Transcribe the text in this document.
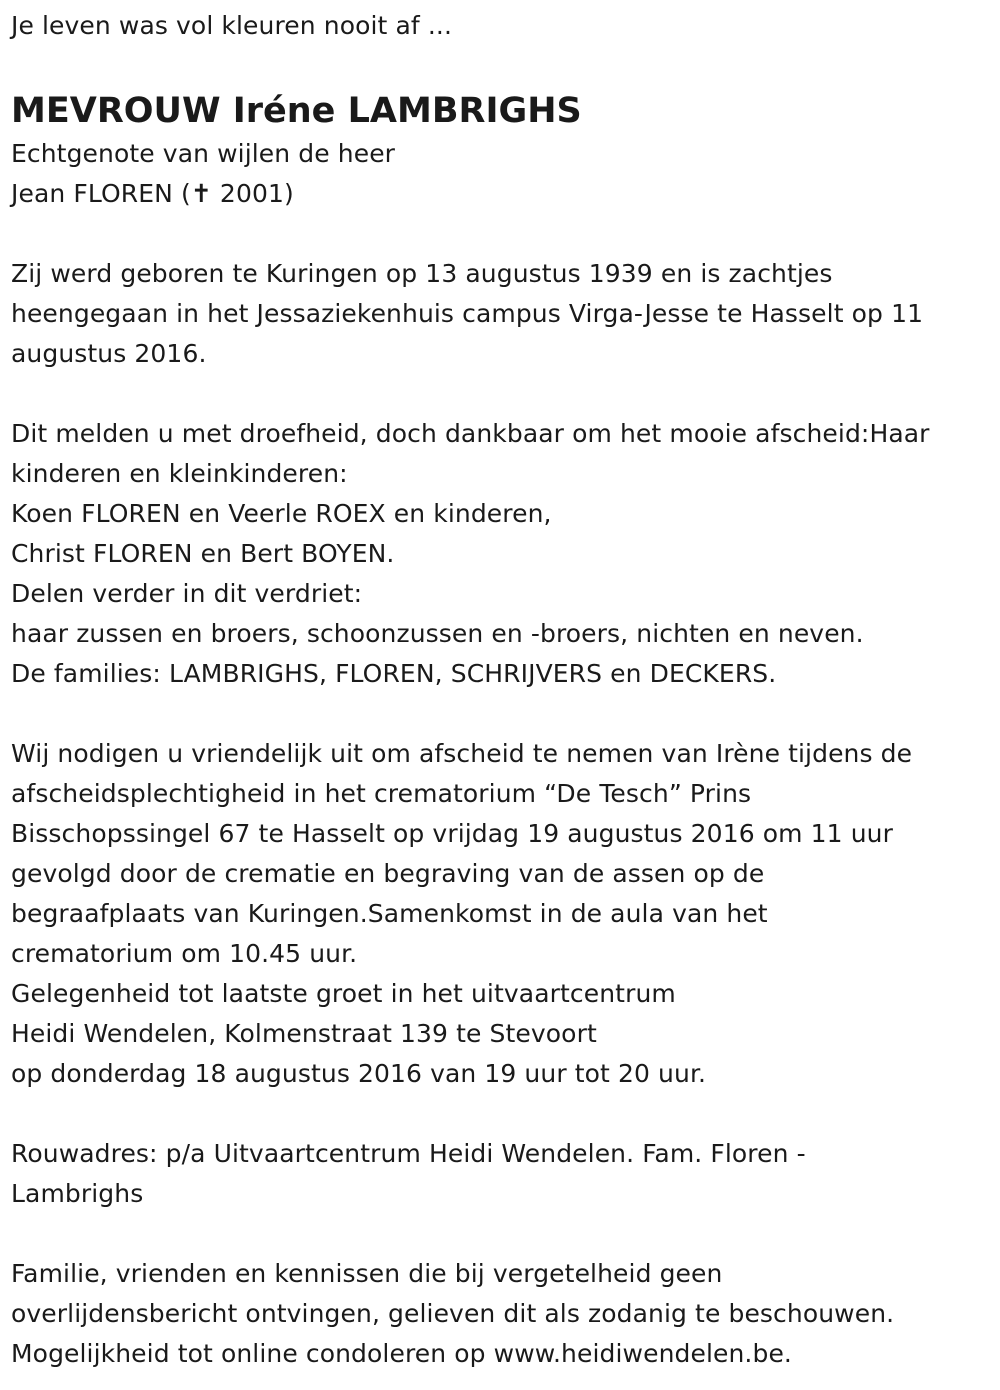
Je leven was vol kleuren nooit af ...
MEVROUW Iréne LAMBRIGHS
Echtgenote van wijlen de heer
Jean FLOREN (✝ 2001)
Zij werd geboren te Kuringen op 13 augustus 1939 en is zachtjes
heengegaan in het Jessaziekenhuis campus Virga-Jesse te Hasselt op 11
augustus 2016.
Dit melden u met droefheid, doch dankbaar om het mooie afscheid:Haar
kinderen en kleinkinderen:
Koen FLOREN en Veerle ROEX en kinderen,
Christ FLOREN en Bert BOYEN.
Delen verder in dit verdriet:
haar zussen en broers, schoonzussen en -broers, nichten en neven.
De families: LAMBRIGHS, FLOREN, SCHRIJVERS en DECKERS.
Wij nodigen u vriendelijk uit om afscheid te nemen van Irène tijdens de
afscheidsplechtigheid in het crematorium “De Tesch” Prins
Bisschopssingel 67 te Hasselt op vrijdag 19 augustus 2016 om 11 uur
gevolgd door de crematie en begraving van de assen op de
begraafplaats van Kuringen.Samenkomst in de aula van het
crematorium om 10.45 uur.
Gelegenheid tot laatste groet in het uitvaartcentrum
Heidi Wendelen, Kolmenstraat 139 te Stevoort
op donderdag 18 augustus 2016 van 19 uur tot 20 uur.
Rouwadres: p/a Uitvaartcentrum Heidi Wendelen. Fam. Floren -
Lambrighs
Familie, vrienden en kennissen die bij vergetelheid geen
overlijdensbericht ontvingen, gelieven dit als zodanig te beschouwen.
Mogelijkheid tot online condoleren op www.heidiwendelen.be.
